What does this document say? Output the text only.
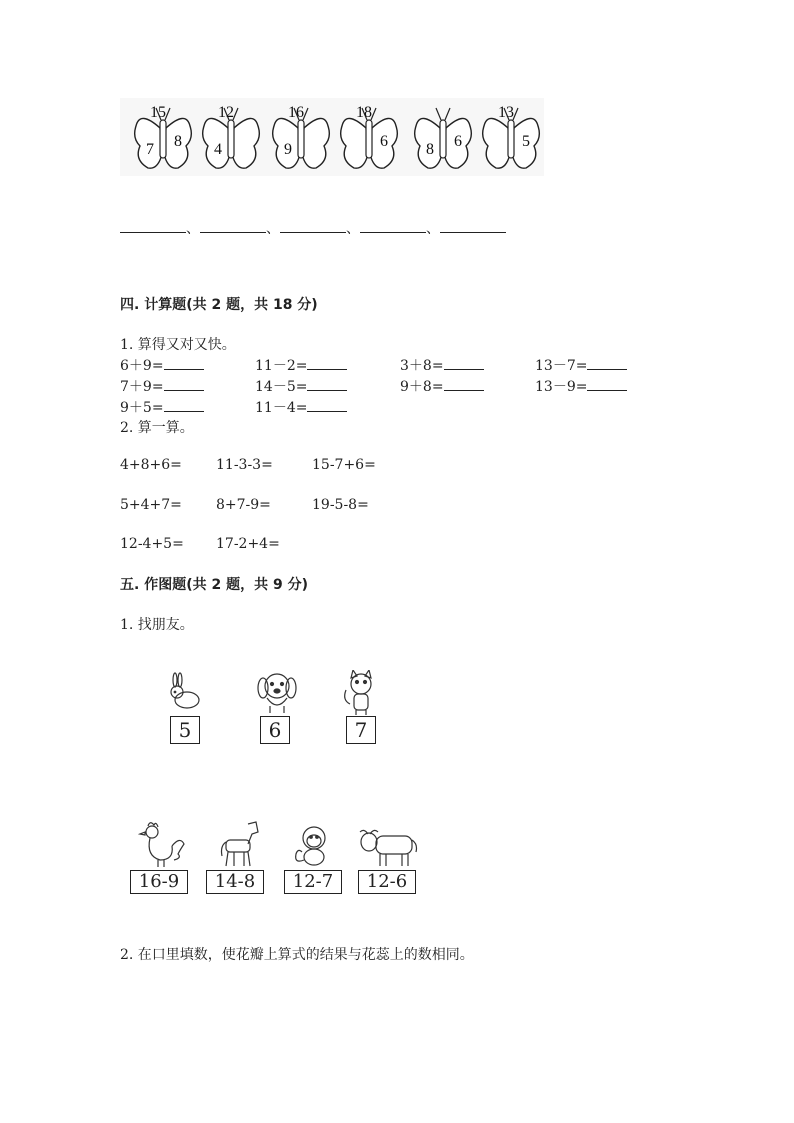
15
7 8
12
4
16
9
18
6 8 6
13
5
、	、	、	、
四. 计算题(共 2 题，共 18 分)
1. 算得又对又快。
6＋9=	11－2=	3＋8=	13－7=
7＋9=	14－5=	9＋8=	13－9=
9＋5=	11－4=
2. 算一算。
4+8+6= 11-3-3=	15-7+6=
5+4+7= 8+7-9=	19-5-8=
12-4+5= 17-2+4=
五. 作图题(共 2 题，共 9 分)
1. 找朋友。
5	6	7
16-9	14-8	12-7	12-6
2. 在口里填数，使花瓣上算式的结果与花蕊上的数相同。
